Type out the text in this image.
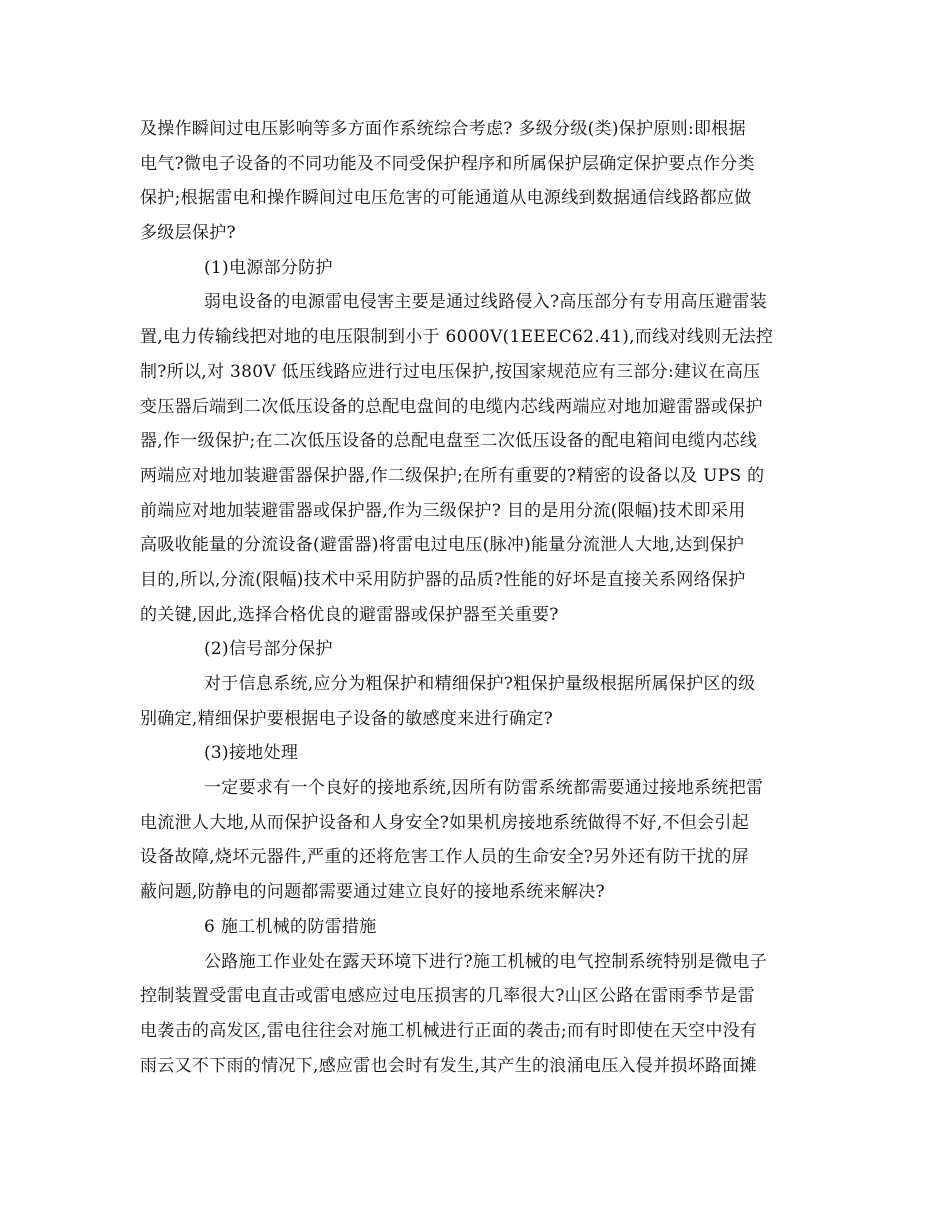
及操作瞬间过电压影响等多方面作系统综合考虑? 多级分级(类)保护原则:即根据
电气?微电子设备的不同功能及不同受保护程序和所属保护层确定保护要点作分类
保护;根据雷电和操作瞬间过电压危害的可能通道从电源线到数据通信线路都应做
多级层保护?
(1)电源部分防护
弱电设备的电源雷电侵害主要是通过线路侵入?高压部分有专用高压避雷装
置,电力传输线把对地的电压限制到小于 6000V(1EEEC62.41),而线对线则无法控
制?所以,对 380V 低压线路应进行过电压保护,按国家规范应有三部分:建议在高压
变压器后端到二次低压设备的总配电盘间的电缆内芯线两端应对地加避雷器或保护
器,作一级保护;在二次低压设备的总配电盘至二次低压设备的配电箱间电缆内芯线
两端应对地加装避雷器保护器,作二级保护;在所有重要的?精密的设备以及 UPS 的
前端应对地加装避雷器或保护器,作为三级保护? 目的是用分流(限幅)技术即采用
高吸收能量的分流设备(避雷器)将雷电过电压(脉冲)能量分流泄人大地,达到保护
目的,所以,分流(限幅)技术中采用防护器的品质?性能的好坏是直接关系网络保护
的关键,因此,选择合格优良的避雷器或保护器至关重要?
(2)信号部分保护
对于信息系统,应分为粗保护和精细保护?粗保护量级根据所属保护区的级
别确定,精细保护要根据电子设备的敏感度来进行确定?
(3)接地处理
一定要求有一个良好的接地系统,因所有防雷系统都需要通过接地系统把雷
电流泄人大地,从而保护设备和人身安全?如果机房接地系统做得不好,不但会引起
设备故障,烧坏元器件,严重的还将危害工作人员的生命安全?另外还有防干扰的屏
蔽问题,防静电的问题都需要通过建立良好的接地系统来解决?
6 施工机械的防雷措施
公路施工作业处在露天环境下进行?施工机械的电气控制系统特别是微电子
控制装置受雷电直击或雷电感应过电压损害的几率很大?山区公路在雷雨季节是雷
电袭击的高发区,雷电往往会对施工机械进行正面的袭击;而有时即使在天空中没有
雨云又不下雨的情况下,感应雷也会时有发生,其产生的浪涌电压入侵并损坏路面摊
